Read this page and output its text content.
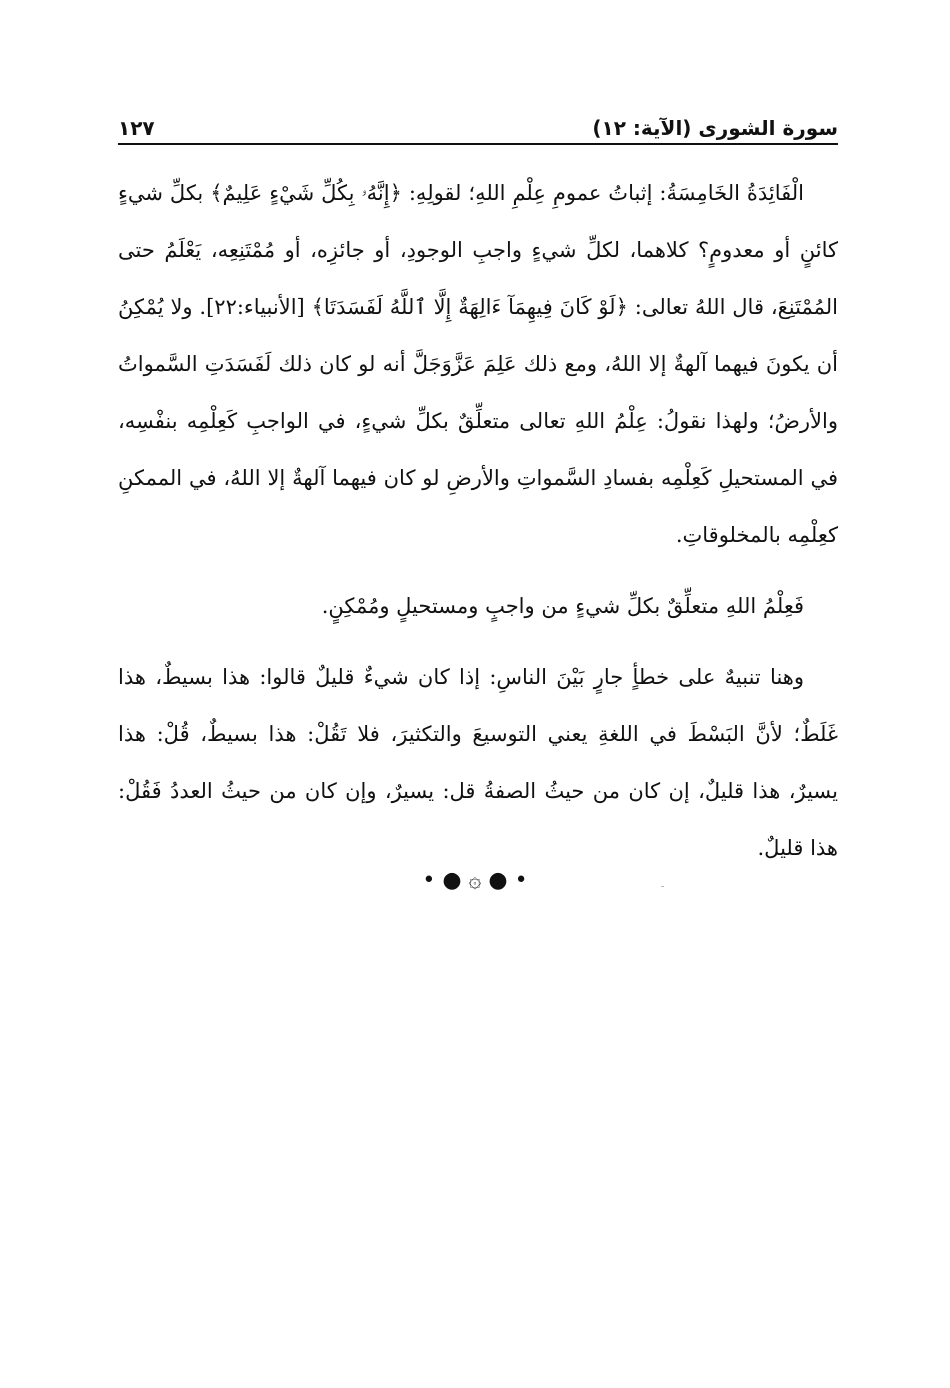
سورة الشورى (الآية: ١٢)
١٢٧

الْفَائِدَةُ الخَامِسَةُ: إثباتُ عمومِ عِلْمِ اللهِ؛ لقولِهِ: ﴿إِنَّهُۥ بِكُلِّ شَيْءٍ عَلِيمٌ﴾ بكلِّ شيءٍ كائنٍ أو معدومٍ؟ كلاهما، لكلِّ شيءٍ واجبِ الوجودِ، أو جائزِه، أو مُمْتَنِعِه، يَعْلَمُ حتى المُمْتَنِعَ، قال اللهُ تعالى: ﴿لَوْ كَانَ فِيهِمَآ ءَالِهَةٌ إِلَّا ٱللَّهُ لَفَسَدَتَا﴾ [الأنبياء:٢٢]. ولا يُمْكِنُ أن يكونَ فيهما آلهةٌ إلا اللهُ، ومع ذلك عَلِمَ عَزَّوَجَلَّ أنه لو كان ذلك لَفَسَدَتِ السَّمواتُ والأرضُ؛ ولهذا نقولُ: عِلْمُ اللهِ تعالى متعلِّقٌ بكلِّ شيءٍ، في الواجبِ كَعِلْمِه بنفْسِه، في المستحيلِ كَعِلْمِه بفسادِ السَّمواتِ والأرضِ لو كان فيهما آلهةٌ إلا اللهُ، في الممكنِ كعِلْمِه بالمخلوقاتِ.

فَعِلْمُ اللهِ متعلِّقٌ بكلِّ شيءٍ من واجبٍ ومستحيلٍ ومُمْكِنٍ.

وهنا تنبيهٌ على خطأٍ جارٍ بَيْنَ الناسِ: إذا كان شيءٌ قليلٌ قالوا: هذا بسيطٌ، هذا غَلَطٌ؛ لأنَّ البَسْطَ في اللغةِ يعني التوسيعَ والتكثيرَ، فلا تَقُلْ: هذا بسيطٌ، قُلْ: هذا يسيرٌ، هذا قليلٌ، إن كان من حيثُ الصفةُ قل: يسيرٌ، وإن كان من حيثُ العددُ فَقُلْ: هذا قليلٌ.

• ● ۞ ● •
